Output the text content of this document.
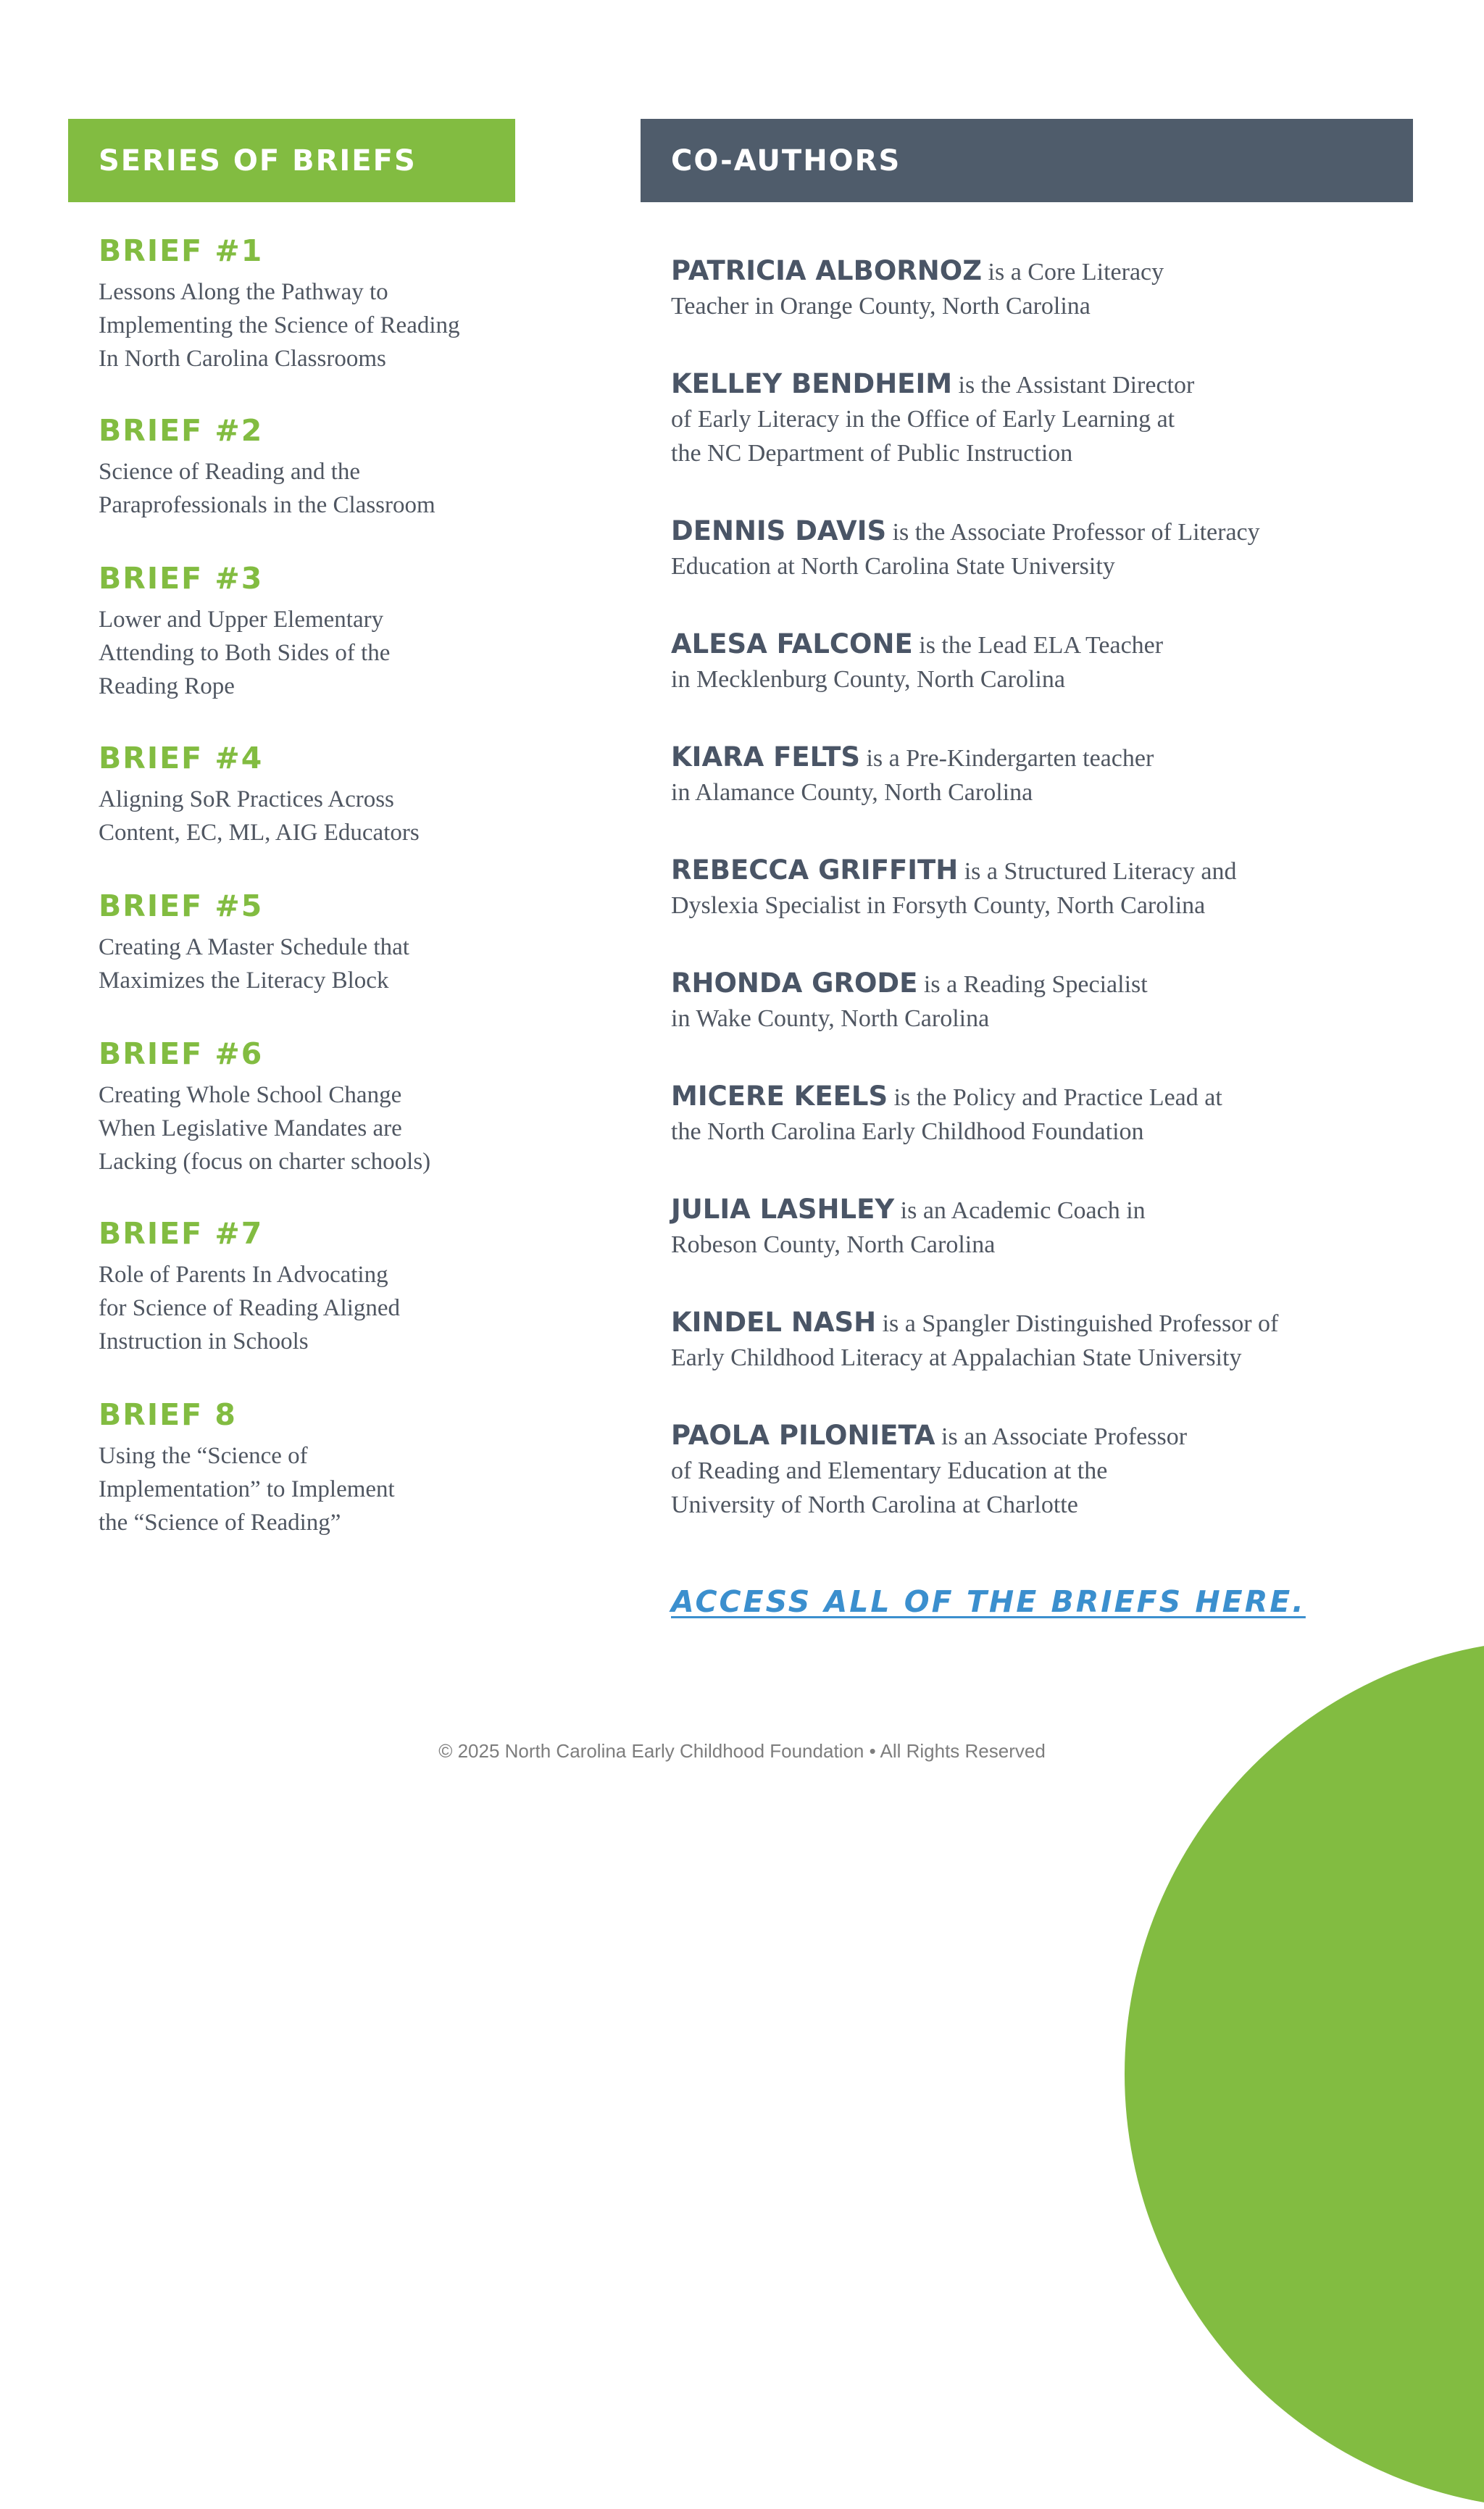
SERIES OF BRIEFS	CO-AUTHORS
BRIEF #1
Lessons Along the Pathway to
Implementing the Science of Reading
In North Carolina Classrooms
BRIEF #2
Science of Reading and the
Paraprofessionals in the Classroom
BRIEF #3
Lower and Upper Elementary
Attending to Both Sides of the
Reading Rope
BRIEF #4
Aligning SoR Practices Across
Content, EC, ML, AIG Educators
BRIEF #5
Creating A Master Schedule that
Maximizes the Literacy Block
BRIEF #6
Creating Whole School Change
When Legislative Mandates are
Lacking (focus on charter schools)
BRIEF #7
Role of Parents In Advocating
for Science of Reading Aligned
Instruction in Schools
BRIEF 8
Using the “Science of
Implementation” to Implement
the “Science of Reading”
PATRICIA ALBORNOZ is a Core Literacy
Teacher in Orange County, North Carolina
KELLEY BENDHEIM is the Assistant Director
of Early Literacy in the Office of Early Learning at
the NC Department of Public Instruction
DENNIS DAVIS is the Associate Professor of Literacy
Education at North Carolina State University
ALESA FALCONE is the Lead ELA Teacher
in Mecklenburg County, North Carolina
KIARA FELTS is a Pre-Kindergarten teacher
in Alamance County, North Carolina
REBECCA GRIFFITH is a Structured Literacy and
Dyslexia Specialist in Forsyth County, North Carolina
RHONDA GRODE is a Reading Specialist
in Wake County, North Carolina
MICERE KEELS is the Policy and Practice Lead at
the North Carolina Early Childhood Foundation
JULIA LASHLEY is an Academic Coach in
Robeson County, North Carolina
KINDEL NASH is a Spangler Distinguished Professor of
Early Childhood Literacy at Appalachian State University
PAOLA PILONIETA is an Associate Professor
of Reading and Elementary Education at the
University of North Carolina at Charlotte
ACCESS ALL OF THE BRIEFS HERE.
© 2025 North Carolina Early Childhood Foundation • All Rights Reserved
